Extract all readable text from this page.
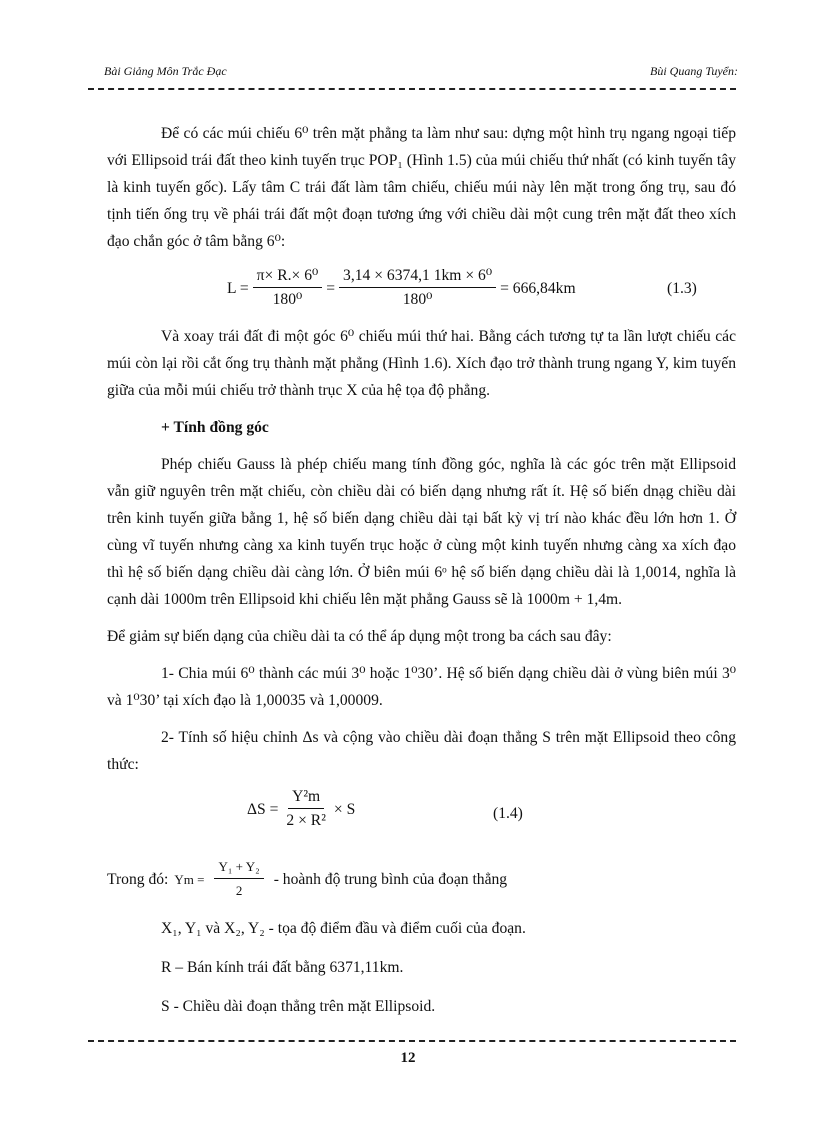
Bài Giảng Môn Trắc Đạc	Bùi Quang Tuyển:

Để có các múi chiếu 6⁰ trên mặt phẳng ta làm như sau: dựng một hình trụ ngang ngoại tiếp với Ellipsoid trái đất theo kinh tuyến trục POP₁ (Hình 1.5) của múi chiếu thứ nhất (có kinh tuyến tây là kinh tuyến gốc). Lấy tâm C trái đất làm tâm chiếu, chiếu múi này lên mặt trong ống trụ, sau đó tịnh tiến ống trụ về phái trái đất một đoạn tương ứng với chiều dài một cung trên mặt đất theo xích đạo chắn góc ở tâm bằng 6⁰:

$L = \frac{\text{π× R.× 6⁰}}{\text{180⁰}} = \frac{\text{3,14 × 6374,1 1km × 6⁰}}{\text{180⁰}} = 666,84km$	(1.3)

Và xoay trái đất đi một góc 6⁰ chiếu múi thứ hai. Bằng cách tương tự ta lần lượt chiếu các múi còn lại rồi cắt ống trụ thành mặt phẳng (Hình 1.6). Xích đạo trở thành trung ngang Y, kim tuyến giữa của mỗi múi chiếu trở thành trục X của hệ tọa độ phẳng.

+ Tính đồng góc

Phép chiếu Gauss là phép chiếu mang tính đồng góc, nghĩa là các góc trên mặt Ellipsoid vẫn giữ nguyên trên mặt chiếu, còn chiều dài có biến dạng nhưng rất ít. Hệ số biến dnạg chiều dài trên kinh tuyến giữa bằng 1, hệ số biến dạng chiều dài tại bất kỳ vị trí nào khác đều lớn hơn 1. Ở cùng vĩ tuyến nhưng càng xa kinh tuyến trục hoặc ở cùng một kinh tuyến nhưng càng xa xích đạo thì hệ số biến dạng chiều dài càng lớn. Ở biên múi 6ᵒ hệ số biến dạng chiều dài là 1,0014, nghĩa là cạnh dài 1000m trên Ellipsoid khi chiếu lên mặt phẳng Gauss sẽ là 1000m + 1,4m.

Để giảm sự biến dạng của chiều dài ta có thể áp dụng một trong ba cách sau đây:

1- Chia múi 6⁰ thành các múi 3⁰ hoặc 1⁰30’. Hệ số biến dạng chiều dài ở vùng biên múi 3⁰ và 1⁰30’ tại xích đạo là 1,00035 và 1,00009.

2- Tính số hiệu chỉnh Δs và cộng vào chiều dài đoạn thẳng S trên mặt Ellipsoid theo công thức:

$\Delta S = \frac{\text{Y²m}}{\text{2 × R²}} \times S$	(1.4)
Trong đó: $Ym = \frac{\text{Y₁ + Y₂}}{2}$ - hoành độ trung bình của đoạn thẳng

X₁, Y₁ và X₂, Y₂ - tọa độ điểm đầu và điểm cuối của đoạn.

R – Bán kính trái đất bằng 6371,11km.

S - Chiều dài đoạn thẳng trên mặt Ellipsoid.

12
